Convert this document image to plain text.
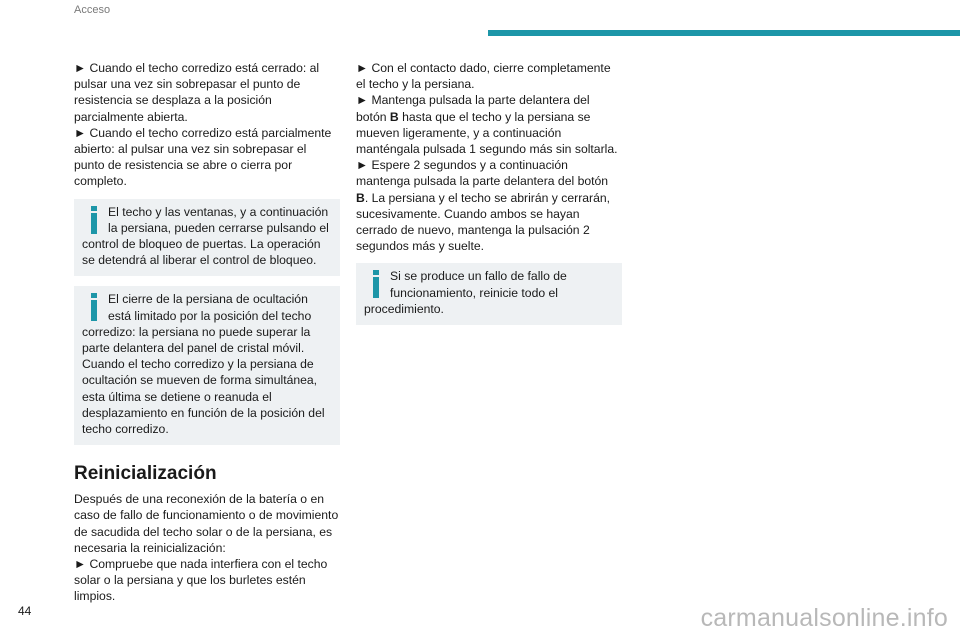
Acceso

► Cuando el techo corredizo está cerrado: al pulsar una vez sin sobrepasar el punto de resistencia se desplaza a la posición parcialmente abierta.

► Cuando el techo corredizo está parcialmente abierto: al pulsar una vez sin sobrepasar el punto de resistencia se abre o cierra por completo.

El techo y las ventanas, y a continuación la persiana, pueden cerrarse pulsando el control de bloqueo de puertas. La operación se detendrá al liberar el control de bloqueo.
El cierre de la persiana de ocultación está limitado por la posición del techo corredizo: la persiana no puede superar la parte delantera del panel de cristal móvil. Cuando el techo corredizo y la persiana de ocultación se mueven de forma simultánea, esta última se detiene o reanuda el desplazamiento en función de la posición del techo corredizo.
Reinicialización

Después de una reconexión de la batería o en caso de fallo de funcionamiento o de movimiento de sacudida del techo solar o de la persiana, es necesaria la reinicialización:

► Compruebe que nada interfiera con el techo solar o la persiana y que los burletes estén limpios.

► Con el contacto dado, cierre completamente el techo y la persiana.

► Mantenga pulsada la parte delantera del botón B hasta que el techo y la persiana se mueven ligeramente, y a continuación manténgala pulsada 1 segundo más sin soltarla.

► Espere 2 segundos y a continuación mantenga pulsada la parte delantera del botón B. La persiana y el techo se abrirán y cerrarán, sucesivamente. Cuando ambos se hayan cerrado de nuevo, mantenga la pulsación 2 segundos más y suelte.

Si se produce un fallo de fallo de funcionamiento, reinicie todo el procedimiento.
44	carmanualsonline.info
